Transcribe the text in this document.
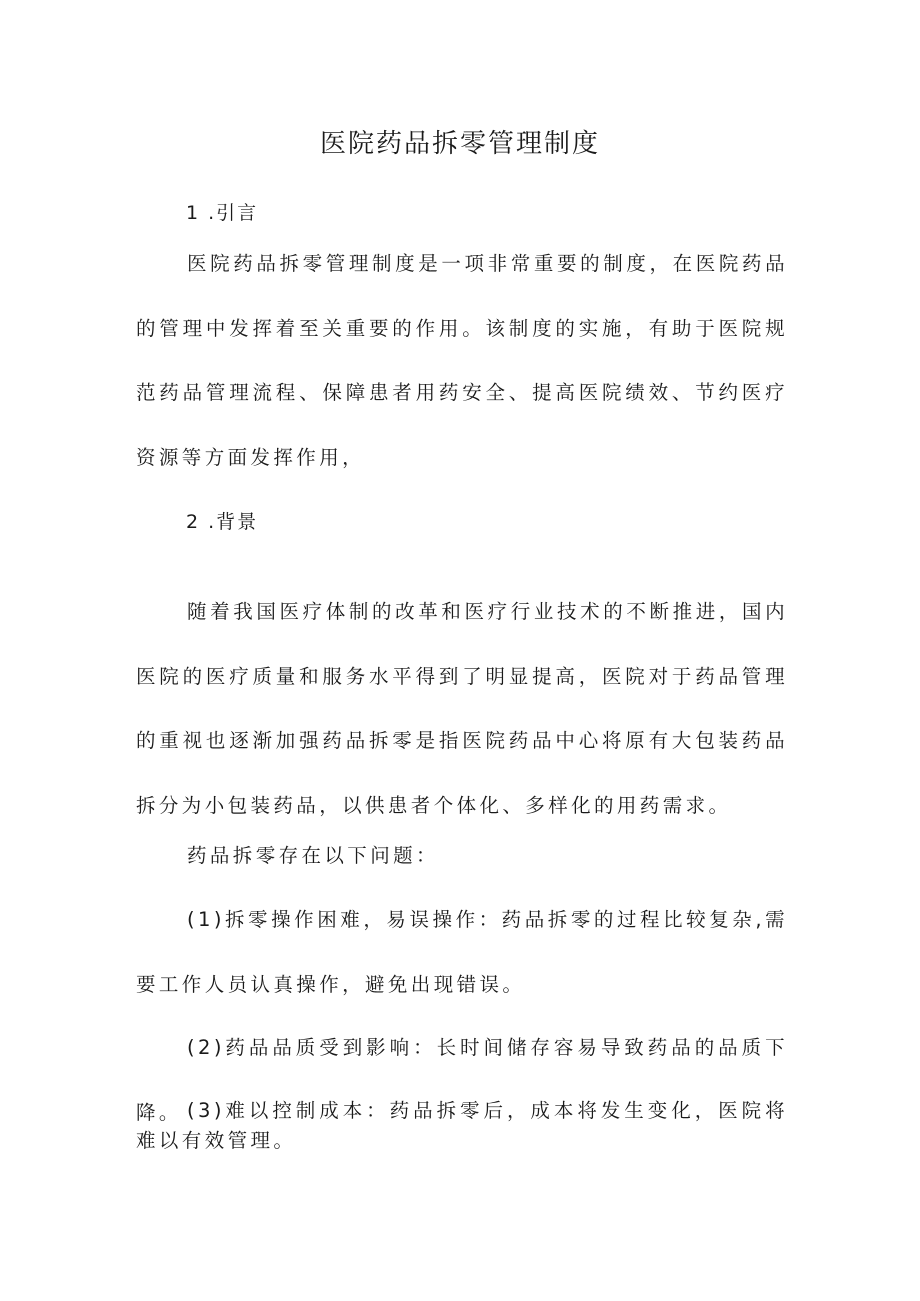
医院药品拆零管理制度
1 .引言

医院药品拆零管理制度是一项非常重要的制度，在医院药品的管理中发挥着至关重要的作用。该制度的实施，有助于医院规范药品管理流程、保障患者用药安全、提高医院绩效、节约医疗资源等方面发挥作用，

2 .背景

随着我国医疗体制的改革和医疗行业技术的不断推进，国内医院的医疗质量和服务水平得到了明显提高，医院对于药品管理的重视也逐渐加强药品拆零是指医院药品中心将原有大包装药品拆分为小包装药品，以供患者个体化、多样化的用药需求。

药品拆零存在以下问题：

(1)拆零操作困难，易误操作：药品拆零的过程比较复杂,需要工作人员认真操作，避免出现错误。

(2)药品品质受到影响：长时间储存容易导致药品的品质下降。 (3)难以控制成本：药品拆零后，成本将发生变化，医院将难以有效管理。
